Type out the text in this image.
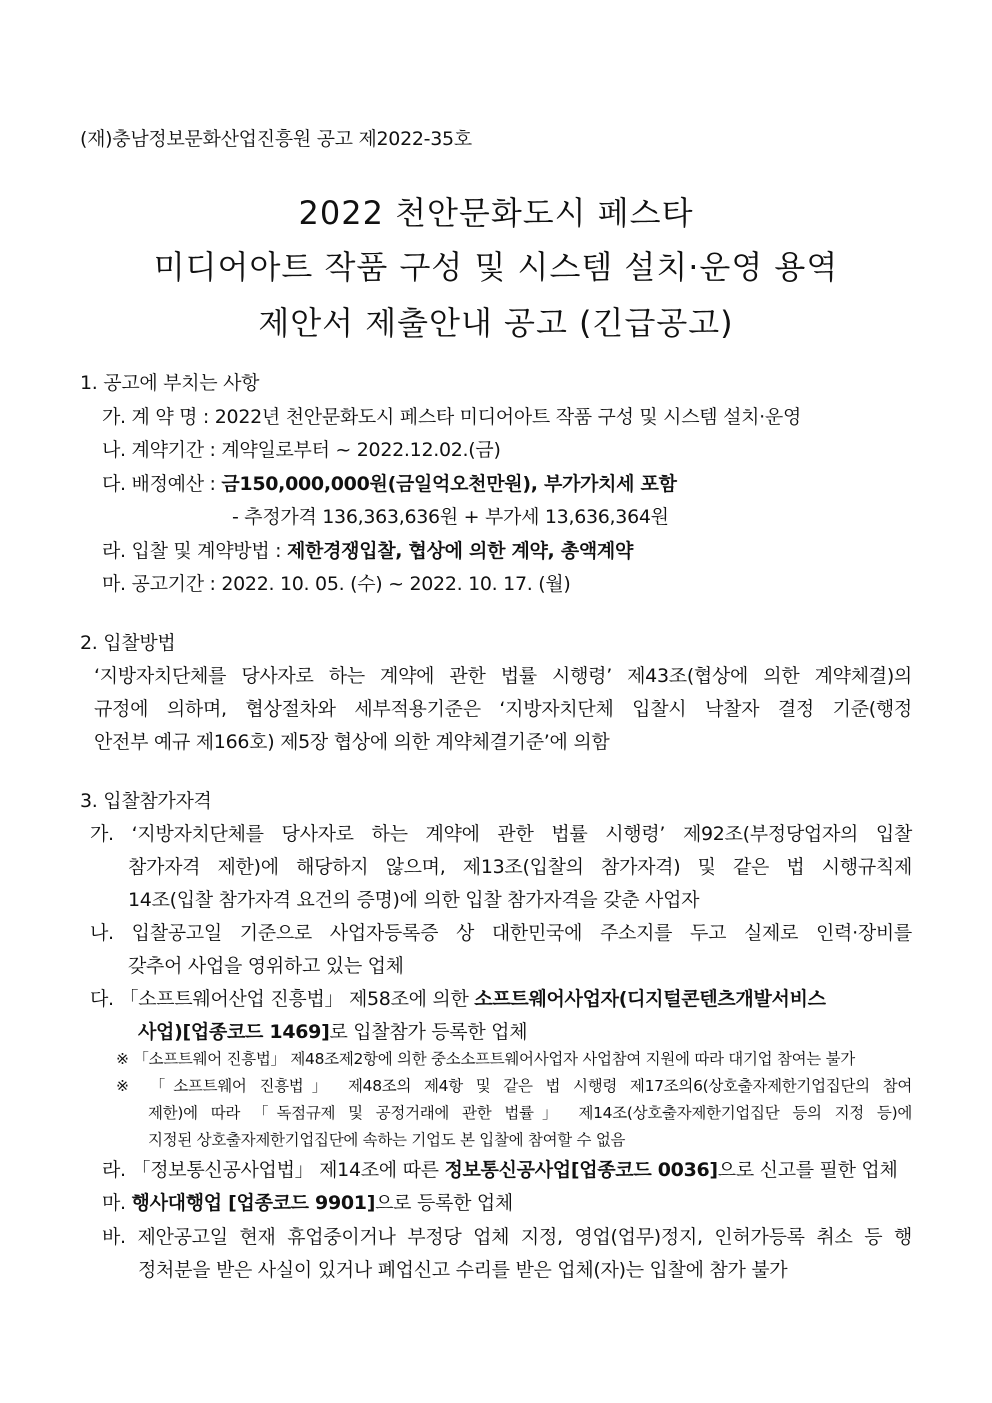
(재)충남정보문화산업진흥원 공고 제2022-35호
2022 천안문화도시 페스타
미디어아트 작품 구성 및 시스템 설치·운영 용역
제안서 제출안내 공고 (긴급공고)
1. 공고에 부치는 사항
가. 계 약 명 : 2022년 천안문화도시 페스타 미디어아트 작품 구성 및 시스템 설치·운영
나. 계약기간 : 계약일로부터 ~ 2022.12.02.(금)
다. 배정예산 : 금150,000,000원(금일억오천만원), 부가가치세 포함
- 추정가격 136,363,636원 + 부가세 13,636,364원
라. 입찰 및 계약방법 : 제한경쟁입찰, 협상에 의한 계약, 총액계약
마. 공고기간 : 2022. 10. 05. (수) ~ 2022. 10. 17. (월)
2. 입찰방법
‘지방자치단체를 당사자로 하는 계약에 관한 법률 시행령’ 제43조(협상에 의한 계약체결)의
규정에 의하며, 협상절차와 세부적용기준은 ‘지방자치단체 입찰시 낙찰자 결정 기준(행정
안전부 예규 제166호) 제5장 협상에 의한 계약체결기준’에 의함
3. 입찰참가자격
가. ‘지방자치단체를 당사자로 하는 계약에 관한 법률 시행령’ 제92조(부정당업자의 입찰
참가자격 제한)에 해당하지 않으며, 제13조(입찰의 참가자격) 및 같은 법 시행규칙제
14조(입찰 참가자격 요건의 증명)에 의한 입찰 참가자격을 갖춘 사업자
나. 입찰공고일 기준으로 사업자등록증 상 대한민국에 주소지를 두고 실제로 인력·장비를
갖추어 사업을 영위하고 있는 업체
다. 「소프트웨어산업 진흥법」 제58조에 의한 소프트웨어사업자(디지털콘텐츠개발서비스
사업)[업종코드 1469]로 입찰참가 등록한 업체
※ 「소프트웨어 진흥법」 제48조제2항에 의한 중소소프트웨어사업자 사업참여 지원에 따라 대기업 참여는 불가
※ 「소프트웨어 진흥법」 제48조의 제4항 및 같은 법 시행령 제17조의6(상호출자제한기업집단의 참여
제한)에 따라 「독점규제 및 공정거래에 관한 법률」 제14조(상호출자제한기업집단 등의 지정 등)에
지정된 상호출자제한기업집단에 속하는 기업도 본 입찰에 참여할 수 없음
라. 「정보통신공사업법」 제14조에 따른 정보통신공사업[업종코드 0036]으로 신고를 필한 업체
마. 행사대행업 [업종코드 9901]으로 등록한 업체
바. 제안공고일 현재 휴업중이거나 부정당 업체 지정, 영업(업무)정지, 인허가등록 취소 등 행
정처분을 받은 사실이 있거나 폐업신고 수리를 받은 업체(자)는 입찰에 참가 불가
